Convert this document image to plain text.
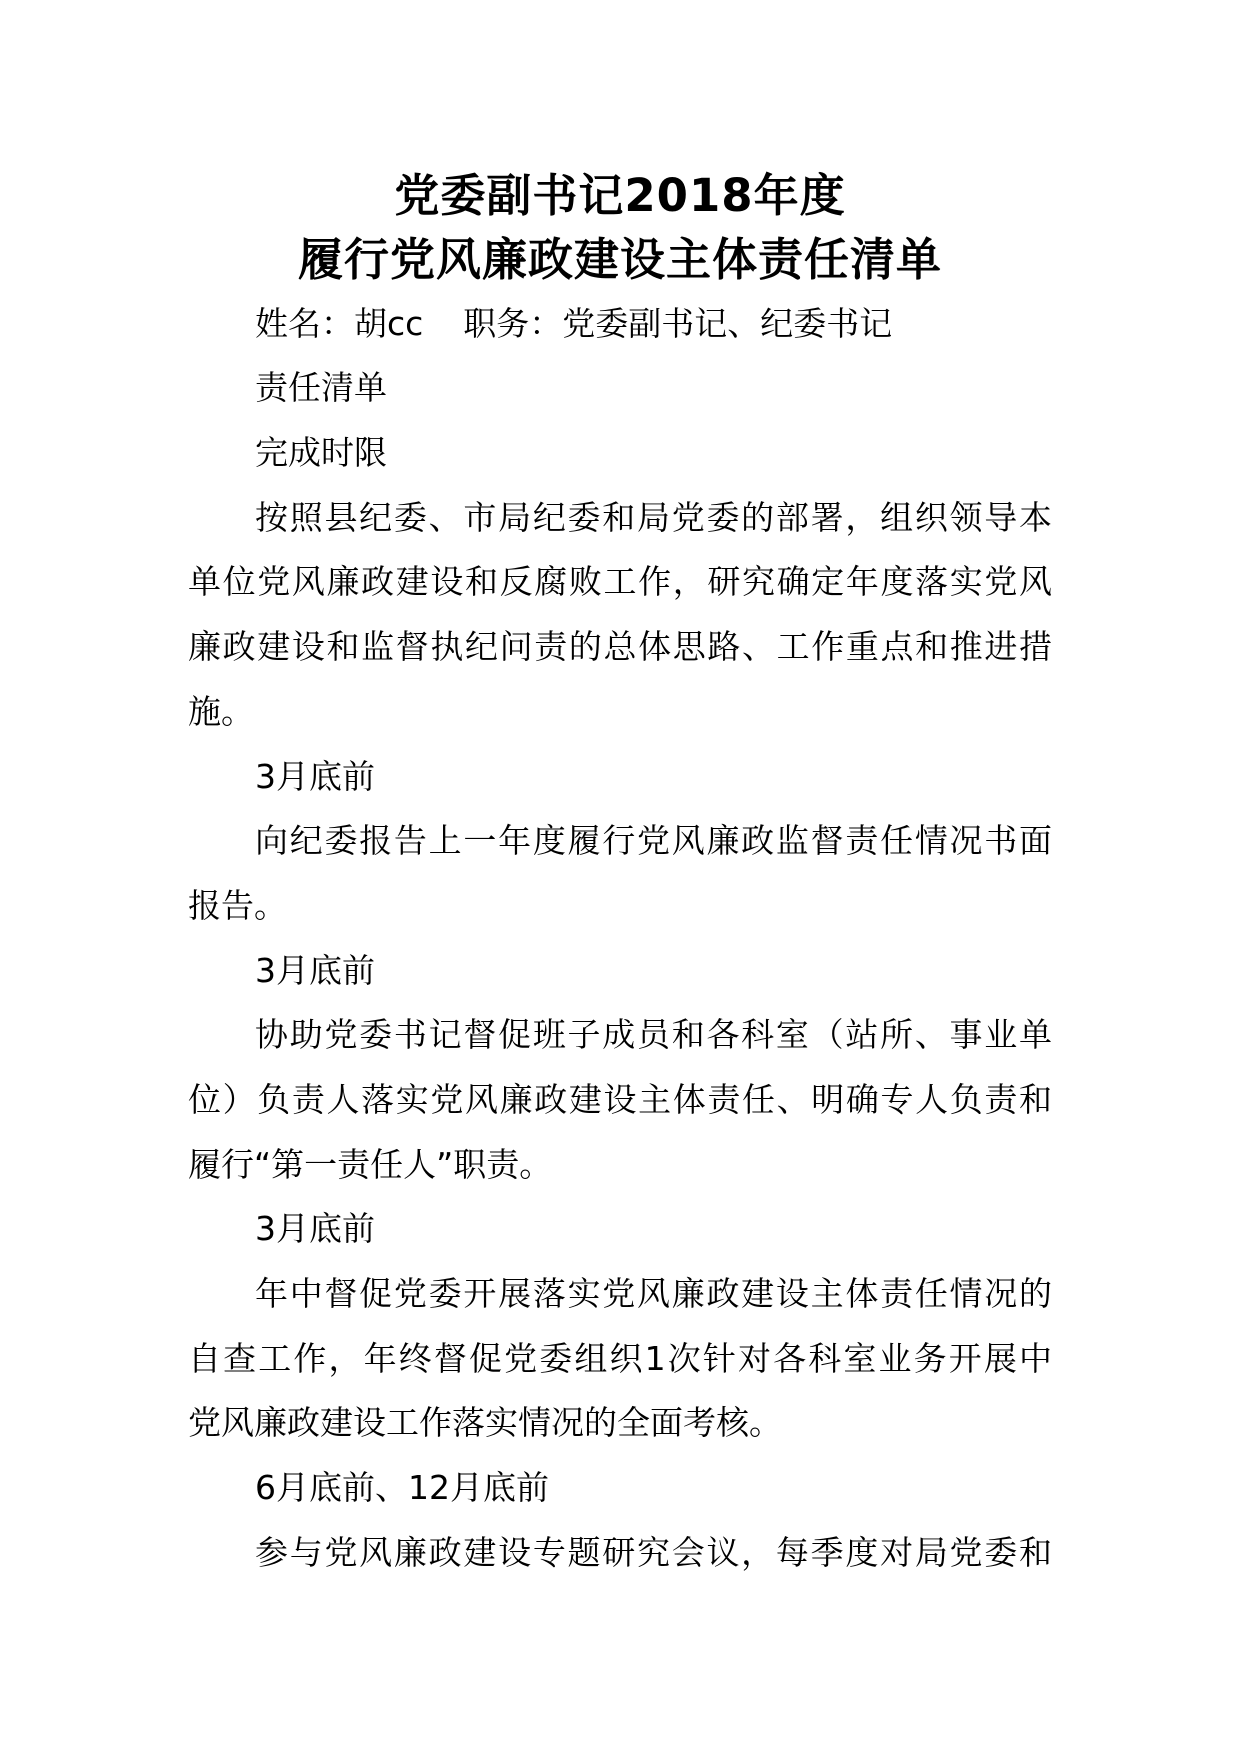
党委副书记2018年度
履行党风廉政建设主体责任清单
姓名：胡cc 职务：党委副书记、纪委书记
责任清单
完成时限
按照县纪委、市局纪委和局党委的部署，组织领导本
单位党风廉政建设和反腐败工作，研究确定年度落实党风
廉政建设和监督执纪问责的总体思路、工作重点和推进措
施。
3月底前
向纪委报告上一年度履行党风廉政监督责任情况书面
报告。
3月底前
协助党委书记督促班子成员和各科室（站所、事业单
位）负责人落实党风廉政建设主体责任、明确专人负责和
履行“第一责任人”职责。
3月底前
年中督促党委开展落实党风廉政建设主体责任情况的
自查工作，年终督促党委组织1次针对各科室业务开展中
党风廉政建设工作落实情况的全面考核。
6月底前、12月底前
参与党风廉政建设专题研究会议，每季度对局党委和
